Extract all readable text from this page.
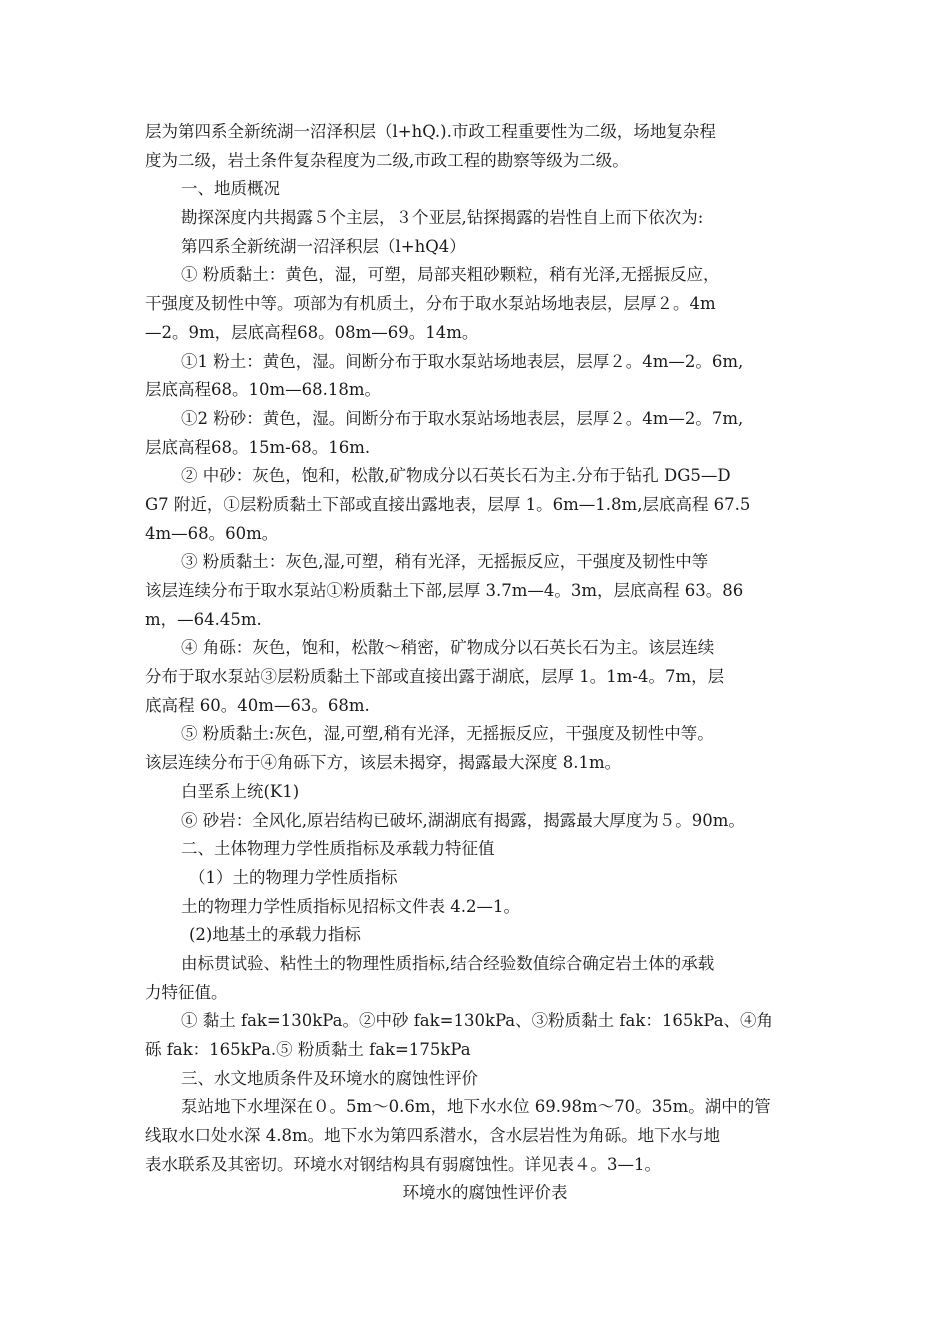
层为第四系全新统湖一沼泽积层（l+hQ.).市政工程重要性为二级，场地复杂程
度为二级，岩土条件复杂程度为二级,市政工程的勘察等级为二级。
一、地质概况
勘探深度内共揭露５个主层，３个亚层,钻探揭露的岩性自上而下依次为:
第四系全新统湖一沼泽积层（l+hQ4）
① 粉质黏土：黄色，湿，可塑，局部夹粗砂颗粒，稍有光泽,无摇振反应，
干强度及韧性中等。项部为有机质土，分布于取水泵站场地表层，层厚２。4m
—2。9m，层底高程68。08m—69。14m。
①1 粉土：黄色，湿。间断分布于取水泵站场地表层，层厚２。4m—2。6m,
层底高程68。10m—68.18m。
①2 粉砂：黄色，湿。间断分布于取水泵站场地表层，层厚２。4m—2。7m,
层底高程68。15m-68。16m.
② 中砂：灰色，饱和，松散,矿物成分以石英长石为主.分布于钻孔 DG5—D
G7 附近，①层粉质黏土下部或直接出露地表，层厚 1。6m—1.8m,层底高程 67.5
4m—68。60m。
③ 粉质黏土：灰色,湿,可塑，稍有光泽，无摇振反应，干强度及韧性中等
该层连续分布于取水泵站①粉质黏土下部,层厚 3.7m—4。3m，层底高程 63。86
m，—64.45m.
④ 角砾：灰色，饱和，松散～稍密，矿物成分以石英长石为主。该层连续
分布于取水泵站③层粉质黏土下部或直接出露于湖底，层厚 1。1m-4。7m，层
底高程 60。40m—63。68m.
⑤ 粉质黏土:灰色，湿,可塑,稍有光泽，无摇振反应，干强度及韧性中等。
该层连续分布于④角砾下方，该层未揭穿，揭露最大深度 8.1m。
白垩系上统(K1)
⑥ 砂岩：全风化,原岩结构已破坏,湖湖底有揭露，揭露最大厚度为５。90m。
二、土体物理力学性质指标及承载力特征值
（1）土的物理力学性质指标
土的物理力学性质指标见招标文件表 4.2—1。
(2)地基土的承载力指标
由标贯试验、粘性土的物理性质指标,结合经验数值综合确定岩土体的承载
力特征值。
① 黏土 fak=130kPa。②中砂 fak=130kPa、③粉质黏土 fak：165kPa、④角
砾 fak：165kPa.⑤ 粉质黏土 fak=175kPa
三、水文地质条件及环境水的腐蚀性评价
泵站地下水埋深在０。5m～0.6m，地下水水位 69.98m～70。35m。湖中的管
线取水口处水深 4.8m。地下水为第四系潜水，含水层岩性为角砾。地下水与地
表水联系及其密切。环境水对钢结构具有弱腐蚀性。详见表４。3—1。
环境水的腐蚀性评价表
